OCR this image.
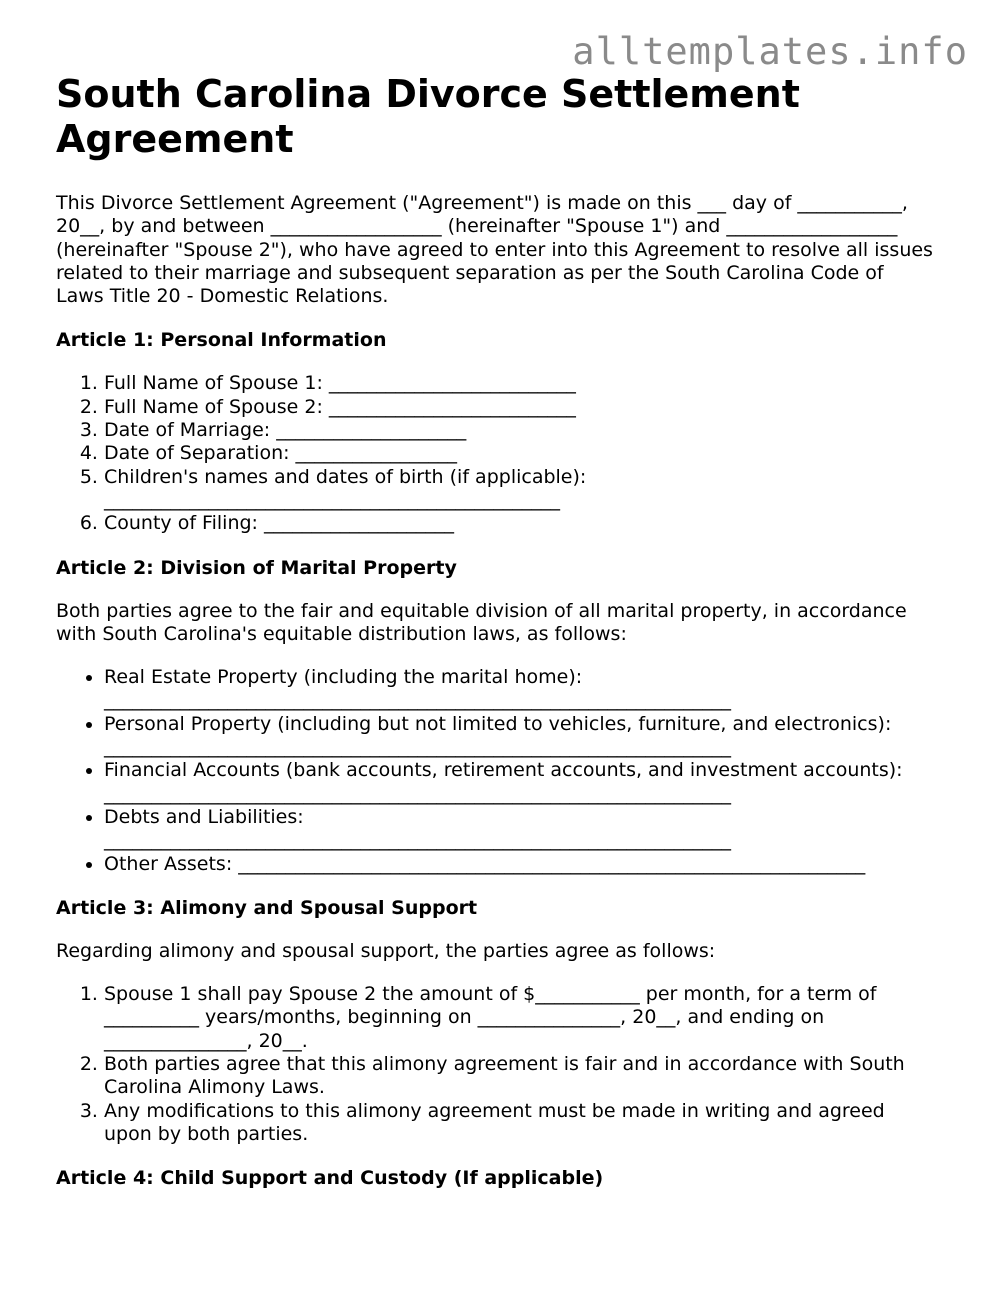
alltemplates.info
South Carolina Divorce Settlement Agreement

This Divorce Settlement Agreement ("Agreement") is made on this ___ day of ___________, 20__, by and between __________________ (hereinafter "Spouse 1") and __________________ (hereinafter "Spouse 2"), who have agreed to enter into this Agreement to resolve all issues related to their marriage and subsequent separation as per the South Carolina Code of Laws Title 20 - Domestic Relations.

Article 1: Personal Information
1. Full Name of Spouse 1: __________________________
2. Full Name of Spouse 2: __________________________
3. Date of Marriage: ____________________
4. Date of Separation: _________________
5. Children's names and dates of birth (if applicable):
________________________________________________
6. County of Filing: ____________________
Article 2: Division of Marital Property

Both parties agree to the fair and equitable division of all marital property, in accordance with South Carolina's equitable distribution laws, as follows:

• Real Estate Property (including the marital home):
__________________________________________________________________
• Personal Property (including but not limited to vehicles, furniture, and electronics):
__________________________________________________________________
• Financial Accounts (bank accounts, retirement accounts, and investment accounts):
__________________________________________________________________
• Debts and Liabilities:
__________________________________________________________________
• Other Assets: __________________________________________________________________
Article 3: Alimony and Spousal Support

Regarding alimony and spousal support, the parties agree as follows:

1. Spouse 1 shall pay Spouse 2 the amount of $___________ per month, for a term of __________ years/months, beginning on _______________, 20__, and ending on _______________, 20__.
2. Both parties agree that this alimony agreement is fair and in accordance with South Carolina Alimony Laws.
3. Any modifications to this alimony agreement must be made in writing and agreed upon by both parties.
Article 4: Child Support and Custody (If applicable)
